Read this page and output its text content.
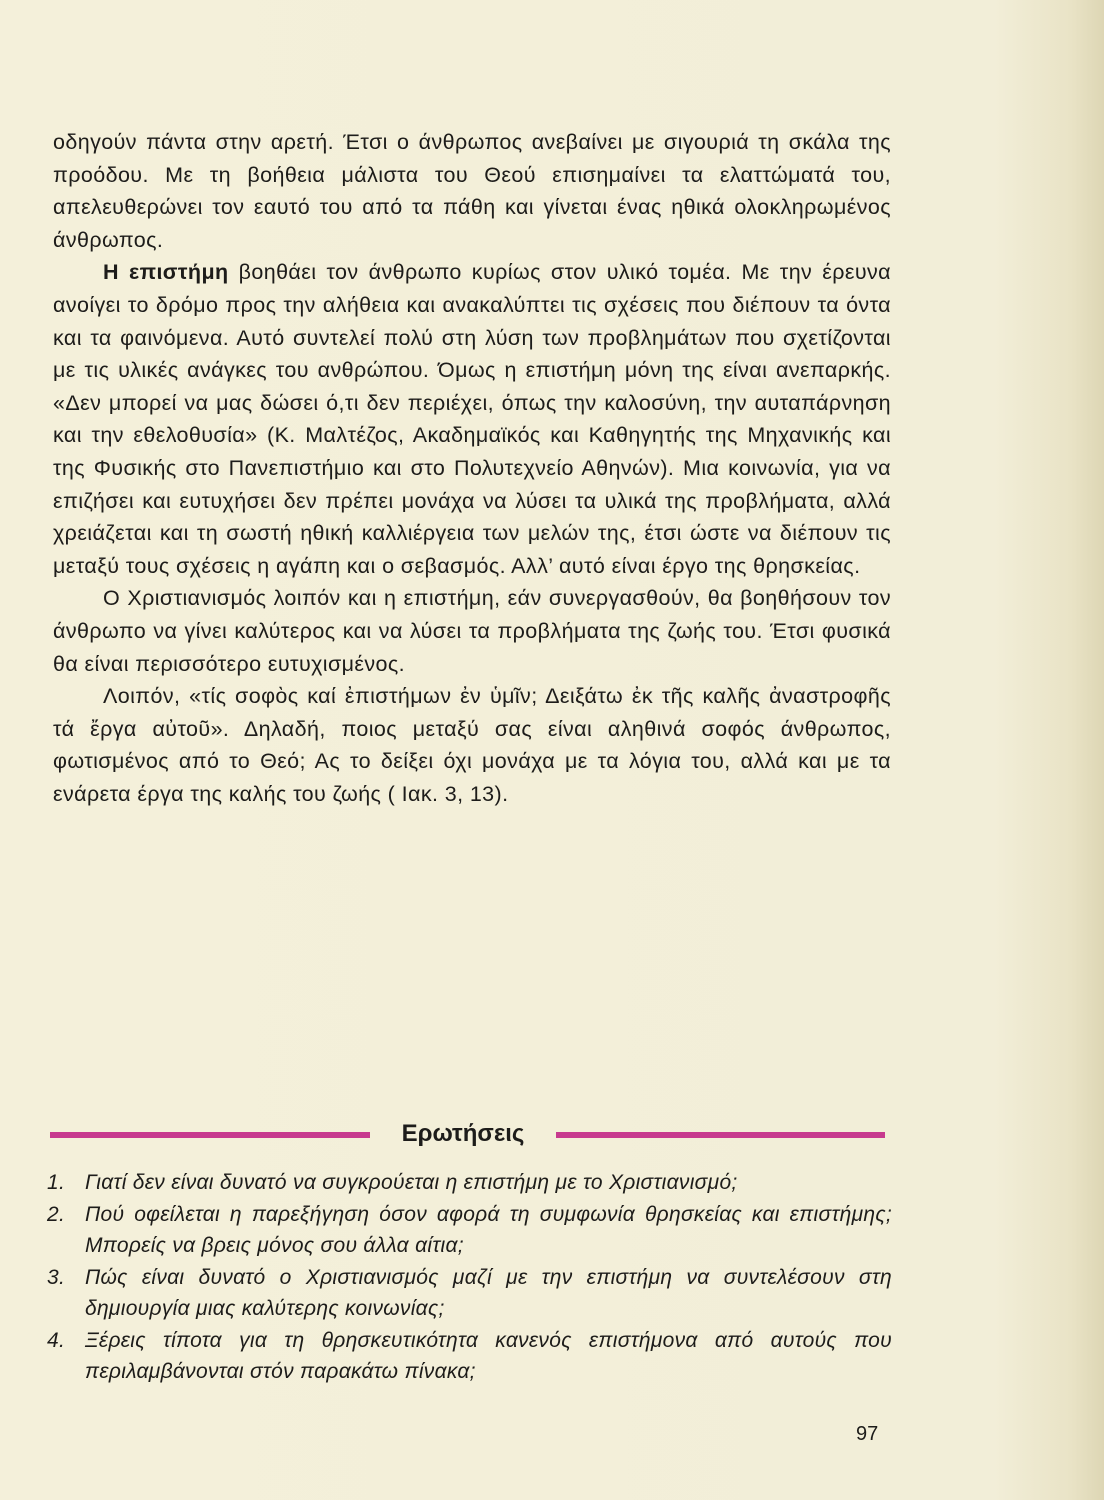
οδηγούν πάντα στην αρετή. Έτσι ο άνθρωπος ανεβαίνει με σιγουριά τη σκάλα της προόδου. Με τη βοήθεια μάλιστα του Θεού επισημαίνει τα ελαττώματά του, απελευθερώνει τον εαυτό του από τα πάθη και γίνεται ένας ηθικά ολοκληρωμένος άνθρωπος.

Η επιστήμη βοηθάει τον άνθρωπο κυρίως στον υλικό τομέα. Με την έρευνα ανοίγει το δρόμο προς την αλήθεια και ανακαλύπτει τις σχέσεις που διέπουν τα όντα και τα φαινόμενα. Αυτό συντελεί πολύ στη λύση των προβλημάτων που σχετίζονται με τις υλικές ανάγκες του ανθρώπου. Όμως η επιστήμη μόνη της είναι ανεπαρκής. «Δεν μπορεί να μας δώσει ό,τι δεν περιέχει, όπως την καλοσύνη, την αυταπάρνηση και την εθελοθυσία» (Κ. Μαλτέζος, Ακαδημαϊκός και Καθηγητής της Μηχανικής και της Φυσικής στο Πανεπιστήμιο και στο Πολυτεχνείο Αθηνών). Μια κοινωνία, για να επιζήσει και ευτυχήσει δεν πρέπει μονάχα να λύσει τα υλικά της προβλήματα, αλλά χρειάζεται και τη σωστή ηθική καλλιέργεια των μελών της, έτσι ώστε να διέπουν τις μεταξύ τους σχέσεις η αγάπη και ο σεβασμός. Αλλ’ αυτό είναι έργο της θρησκείας.

Ο Χριστιανισμός λοιπόν και η επιστήμη, εάν συνεργασθούν, θα βοηθήσουν τον άνθρωπο να γίνει καλύτερος και να λύσει τα προβλήματα της ζωής του. Έτσι φυσικά θα είναι περισσότερο ευτυχισμένος.

Λοιπόν, «τίς σοφὸς καί ἐπιστήμων ἐν ὑμῖν; Δειξάτω ἐκ τῆς καλῆς ἀναστροφῆς τά ἔργα αὐτοῦ». Δηλαδή, ποιος μεταξύ σας είναι αληθινά σοφός άνθρωπος, φωτισμένος από το Θεό; Ας το δείξει όχι μονάχα με τα λόγια του, αλλά και με τα ενάρετα έργα της καλής του ζωής ( Ιακ. 3, 13).

Ερωτήσεις
1. Γιατί δεν είναι δυνατό να συγκρούεται η επιστήμη με το Χριστιανισμό;
2. Πού οφείλεται η παρεξήγηση όσον αφορά τη συμφωνία θρησκείας και επιστήμης; Μπορείς να βρεις μόνος σου άλλα αίτια;
3. Πώς είναι δυνατό ο Χριστιανισμός μαζί με την επιστήμη να συντελέσουν στη δημιουργία μιας καλύτερης κοινωνίας;
4. Ξέρεις τίποτα για τη θρησκευτικότητα κανενός επιστήμονα από αυτούς που περιλαμβάνονται στόν παρακάτω πίνακα;
97
